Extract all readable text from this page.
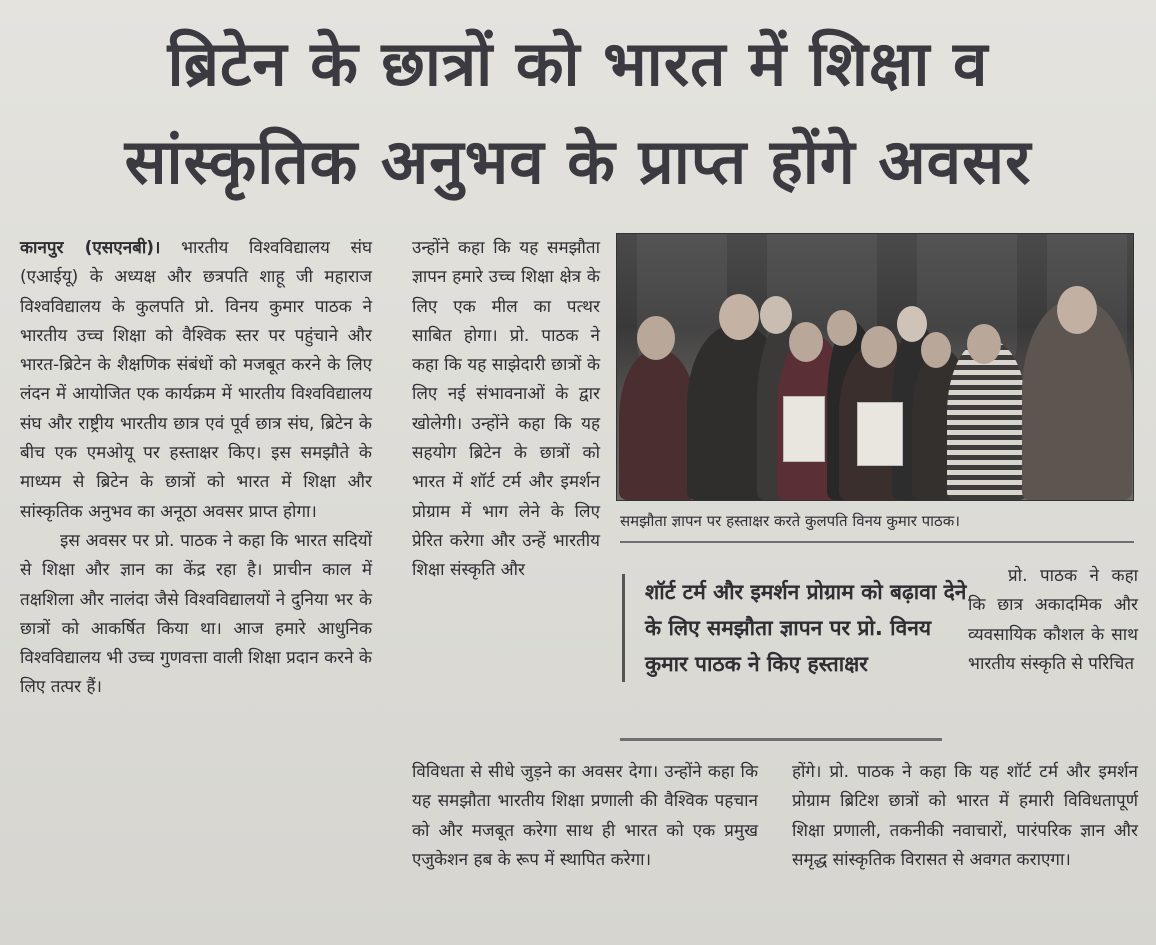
ब्रिटेन के छात्रों को भारत में शिक्षा व
सांस्कृतिक अनुभव के प्राप्त होंगे अवसर

कानपुर (एसएनबी)। भारतीय विश्वविद्यालय संघ (एआईयू) के अध्यक्ष और छत्रपति शाहू जी महाराज विश्वविद्यालय के कुलपति प्रो. विनय कुमार पाठक ने भारतीय उच्च शिक्षा को वैश्विक स्तर पर पहुंचाने और भारत-ब्रिटेन के शैक्षणिक संबंधों को मजबूत करने के लिए लंदन में आयोजित एक कार्यक्रम में भारतीय विश्वविद्यालय संघ और राष्ट्रीय भारतीय छात्र एवं पूर्व छात्र संघ, ब्रिटेन के बीच एक एमओयू पर हस्ताक्षर किए। इस समझौते के माध्यम से ब्रिटेन के छात्रों को भारत में शिक्षा और सांस्कृतिक अनुभव का अनूठा अवसर प्राप्त होगा।

इस अवसर पर प्रो. पाठक ने कहा कि भारत सदियों से शिक्षा और ज्ञान का केंद्र रहा है। प्राचीन काल में तक्षशिला और नालंदा जैसे विश्वविद्यालयों ने दुनिया भर के छात्रों को आकर्षित किया था। आज हमारे आधुनिक विश्वविद्यालय भी उच्च गुणवत्ता वाली शिक्षा प्रदान करने के लिए तत्पर हैं।

उन्होंने कहा कि यह समझौता ज्ञापन हमारे उच्च शिक्षा क्षेत्र के लिए एक मील का पत्थर साबित होगा। प्रो. पाठक ने कहा कि यह साझेदारी छात्रों के लिए नई संभावनाओं के द्वार खोलेगी। उन्होंने कहा कि यह सहयोग ब्रिटेन के छात्रों को भारत में शॉर्ट टर्म और इमर्शन प्रोग्राम में भाग लेने के लिए प्रेरित करेगा और उन्हें भारतीय शिक्षा संस्कृति और

विविधता से सीधे जुड़ने का अवसर देगा। उन्होंने कहा कि यह समझौता भारतीय शिक्षा प्रणाली की वैश्विक पहचान को और मजबूत करेगा साथ ही भारत को एक प्रमुख एजुकेशन हब के रूप में स्थापित करेगा।

समझौता ज्ञापन पर हस्ताक्षर करते कुलपति विनय कुमार पाठक।

शॉर्ट टर्म और इमर्शन प्रोग्राम को बढ़ावा देने के लिए समझौता ज्ञापन पर प्रो. विनय कुमार पाठक ने किए हस्ताक्षर

प्रो. पाठक ने कहा कि छात्र अकादमिक और व्यवसायिक कौशल के साथ भारतीय संस्कृति से परिचित

होंगे। प्रो. पाठक ने कहा कि यह शॉर्ट टर्म और इमर्शन प्रोग्राम ब्रिटिश छात्रों को भारत में हमारी विविधतापूर्ण शिक्षा प्रणाली, तकनीकी नवाचारों, पारंपरिक ज्ञान और समृद्ध सांस्कृतिक विरासत से अवगत कराएगा।
